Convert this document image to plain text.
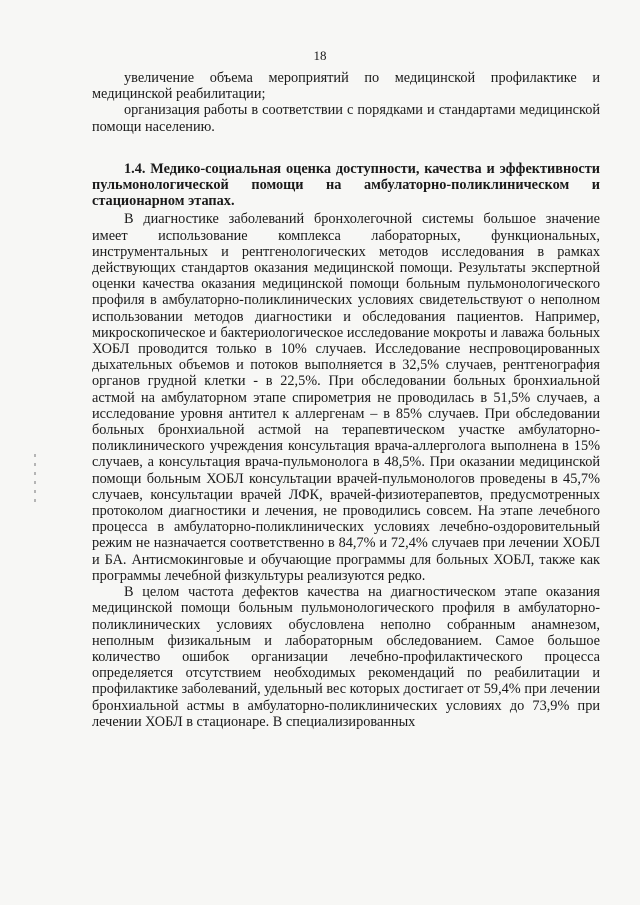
18

увеличение объема мероприятий по медицинской профилактике и медицинской реабилитации;

организация работы в соответствии с порядками и стандартами медицинской помощи населению.

1.4. Медико-социальная оценка доступности, качества и эффективности пульмонологической помощи на амбулаторно-поликлиническом и стационарном этапах.

В диагностике заболеваний бронхолегочной системы большое значение имеет использование комплекса лабораторных, функциональных, инструментальных и рентгенологических методов исследования в рамках действующих стандартов оказания медицинской помощи. Результаты экспертной оценки качества оказания медицинской помощи больным пульмонологического профиля в амбулаторно-поликлинических условиях свидетельствуют о неполном использовании методов диагностики и обследования пациентов. Например, микроскопическое и бактериологическое исследование мокроты и лаважа больных ХОБЛ проводится только в 10% случаев. Исследование неспровоцированных дыхательных объемов и потоков выполняется в 32,5% случаев, рентгенография органов грудной клетки - в 22,5%. При обследовании больных бронхиальной астмой на амбулаторном этапе спирометрия не проводилась в 51,5% случаев, а исследование уровня антител к аллергенам – в 85% случаев. При обследовании больных бронхиальной астмой на терапевтическом участке амбулаторно-поликлинического учреждения консультация врача-аллерголога выполнена в 15% случаев, а консультация врача-пульмонолога в 48,5%. При оказании медицинской помощи больным ХОБЛ консультации врачей-пульмонологов проведены в 45,7% случаев, консультации врачей ЛФК, врачей-физиотерапевтов, предусмотренных протоколом диагностики и лечения, не проводились совсем. На этапе лечебного процесса в амбулаторно-поликлинических условиях лечебно-оздоровительный режим не назначается соответственно в 84,7% и 72,4% случаев при лечении ХОБЛ и БА. Антисмокинговые и обучающие программы для больных ХОБЛ, также как программы лечебной физкультуры реализуются редко.

В целом частота дефектов качества на диагностическом этапе оказания медицинской помощи больным пульмонологического профиля в амбулаторно-поликлинических условиях обусловлена неполно собранным анамнезом, неполным физикальным и лабораторным обследованием. Самое большое количество ошибок организации лечебно-профилактического процесса определяется отсутствием необходимых рекомендаций по реабилитации и профилактике заболеваний, удельный вес которых достигает от 59,4% при лечении бронхиальной астмы в амбулаторно-поликлинических условиях до 73,9% при лечении ХОБЛ в стационаре. В специализированных
